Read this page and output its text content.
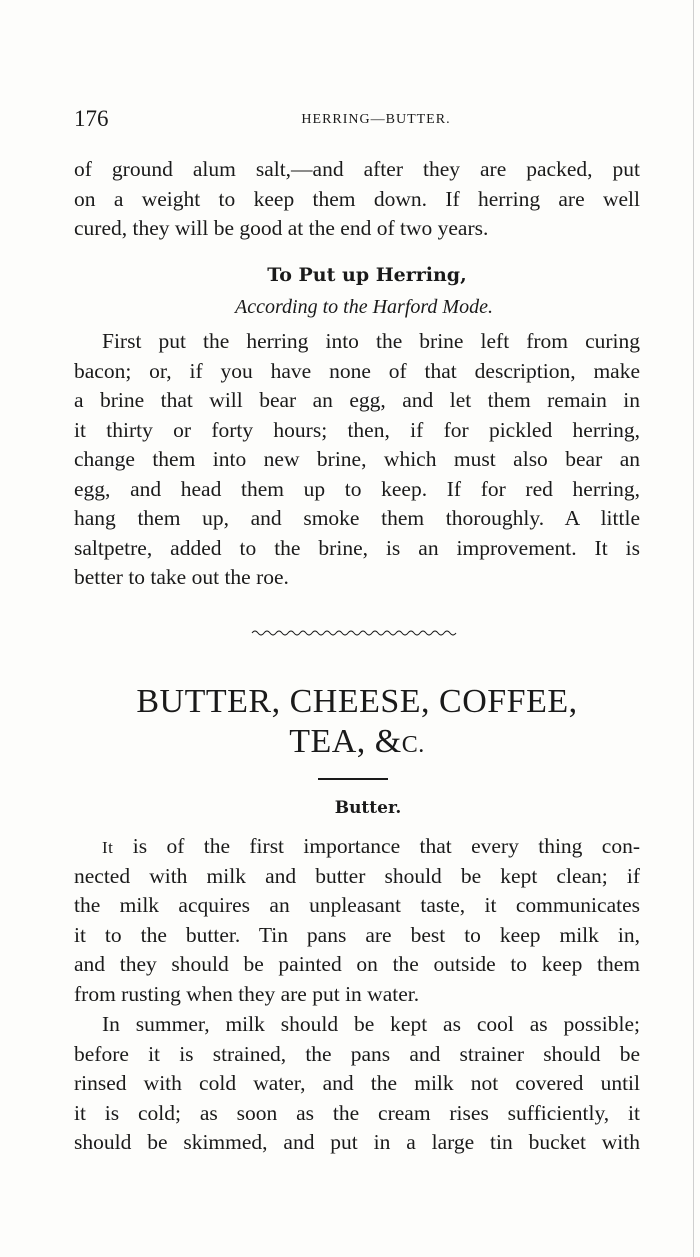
176	HERRING—BUTTER.
of ground alum salt,—and after they are packed, put
on a weight to keep them down. If herring are well
cured, they will be good at the end of two years.
To Put up Herring,
According to the Harford Mode.
First put the herring into the brine left from curing
bacon; or, if you have none of that description, make
a brine that will bear an egg, and let them remain in
it thirty or forty hours; then, if for pickled herring,
change them into new brine, which must also bear an
egg, and head them up to keep. If for red herring,
hang them up, and smoke them thoroughly. A little
saltpetre, added to the brine, is an improvement. It is
better to take out the roe.
BUTTER, CHEESE, COFFEE,
TEA, &C.
Butter.
It is of the first importance that every thing con-
nected with milk and butter should be kept clean; if
the milk acquires an unpleasant taste, it communicates
it to the butter. Tin pans are best to keep milk in,
and they should be painted on the outside to keep them
from rusting when they are put in water.
In summer, milk should be kept as cool as possible;
before it is strained, the pans and strainer should be
rinsed with cold water, and the milk not covered until
it is cold; as soon as the cream rises sufficiently, it
should be skimmed, and put in a large tin bucket with
